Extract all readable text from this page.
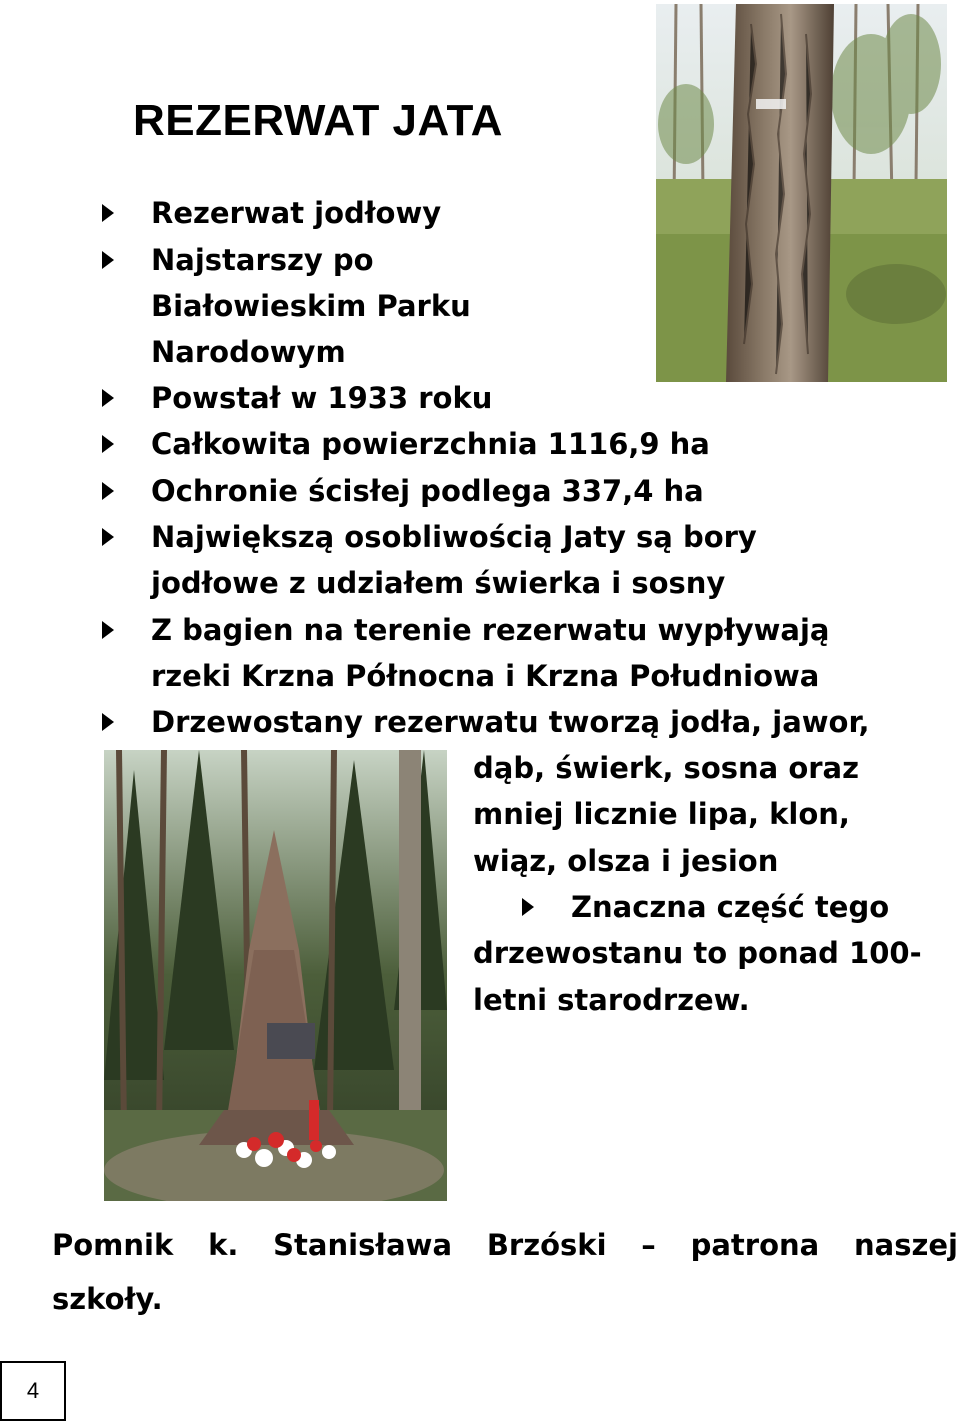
REZERWAT JATA
Rezerwat jodłowy
Najstarszy po
Białowieskim Parku
Narodowym
Powstał w 1933 roku
Całkowita powierzchnia 1116,9 ha
Ochronie ścisłej podlega 337,4 ha
Największą osobliwością Jaty są bory
jodłowe z udziałem świerka i sosny
Z bagien na terenie rezerwatu wypływają
rzeki Krzna Północna i Krzna Południowa
Drzewostany rezerwatu tworzą jodła, jawor,
dąb, świerk, sosna oraz
mniej licznie lipa, klon,
wiąz, olsza i jesion
Znaczna część tego
drzewostanu to ponad 100-
letni starodrzew.
Pomnik k. Stanisława Brzóski – patrona naszej
szkoły.
4
